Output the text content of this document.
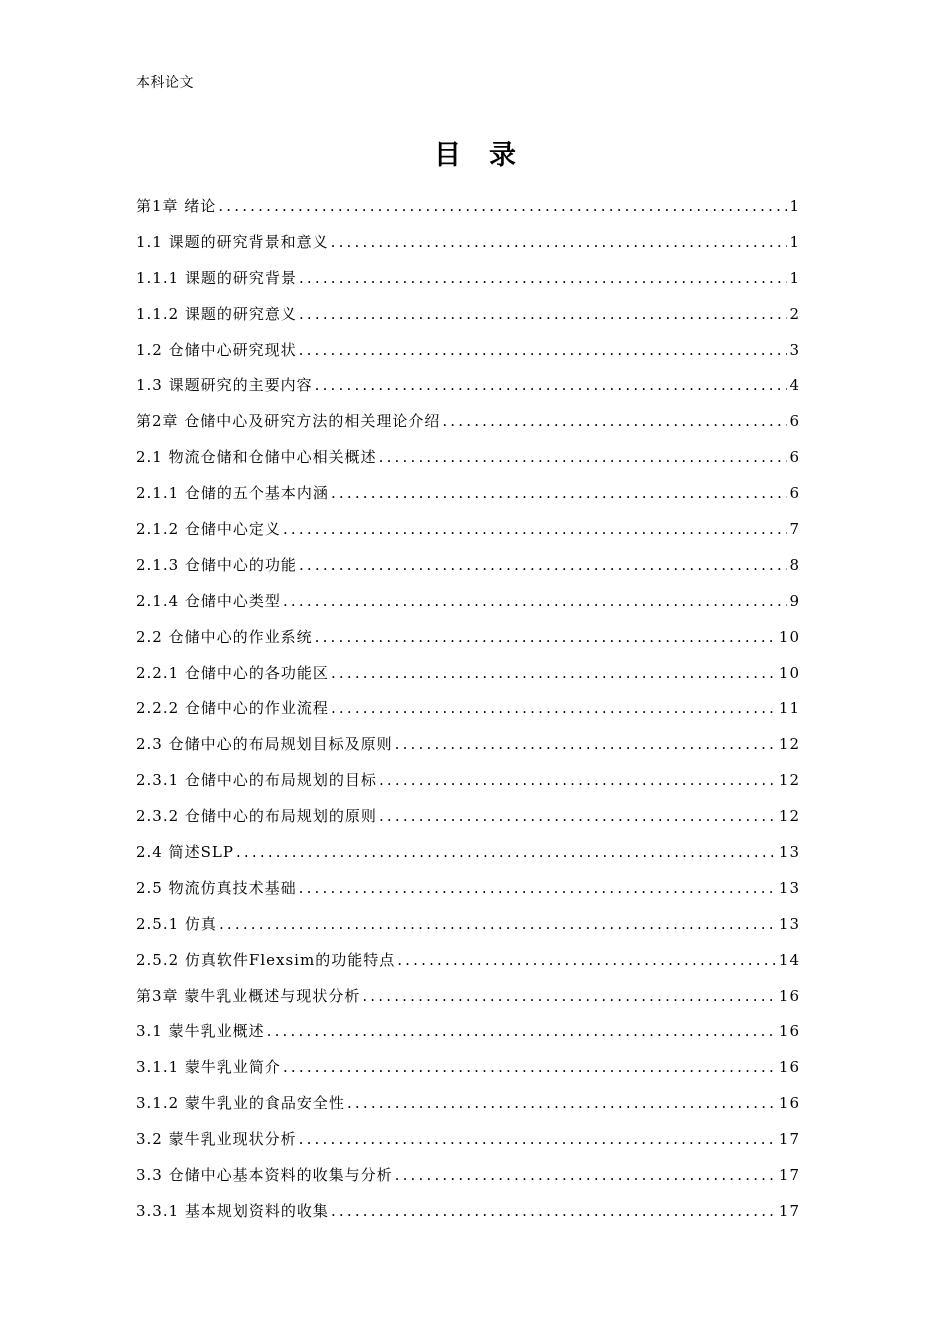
本科论文
目录
第1章 绪论 .....	1
1.1 课题的研究背景和意义 .....	1
1.1.1 课题的研究背景 .....	1
1.1.2 课题的研究意义 .....	2
1.2 仓储中心研究现状 .....	3
1.3 课题研究的主要内容 .....	4
第2章 仓储中心及研究方法的相关理论介绍 .....	6
2.1 物流仓储和仓储中心相关概述 .....	6
2.1.1 仓储的五个基本内涵 .....	6
2.1.2 仓储中心定义 .....	7
2.1.3 仓储中心的功能 .....	8
2.1.4 仓储中心类型 .....	9
2.2 仓储中心的作业系统 .....	10
2.2.1 仓储中心的各功能区 .....	10
2.2.2 仓储中心的作业流程 .....	11
2.3 仓储中心的布局规划目标及原则 .....	12
2.3.1 仓储中心的布局规划的目标 .....	12
2.3.2 仓储中心的布局规划的原则 .....	12
2.4 简述SLP .....	13
2.5 物流仿真技术基础 .....	13
2.5.1 仿真 .....	13
2.5.2 仿真软件Flexsim的功能特点 .....	14
第3章 蒙牛乳业概述与现状分析 .....	16
3.1 蒙牛乳业概述 .....	16
3.1.1 蒙牛乳业简介 .....	16
3.1.2 蒙牛乳业的食品安全性 .....	16
3.2 蒙牛乳业现状分析 .....	17
3.3 仓储中心基本资料的收集与分析 .....	17
3.3.1 基本规划资料的收集 .....	17
